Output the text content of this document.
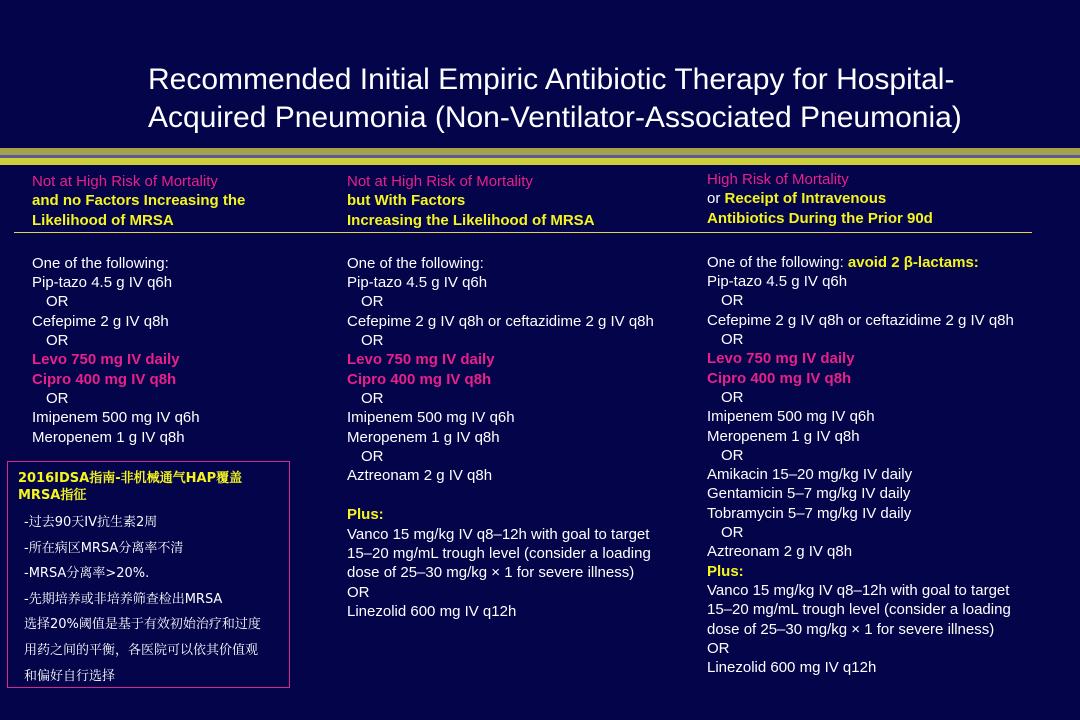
Recommended Initial Empiric Antibiotic Therapy for Hospital-
Acquired Pneumonia (Non-Ventilator-Associated Pneumonia)
Not at High Risk of Mortality
and no Factors Increasing the
Likelihood of MRSA
One of the following:
Pip-tazo 4.5 g IV q6h
OR
Cefepime 2 g IV q8h
OR
Levo 750 mg IV daily
Cipro 400 mg IV q8h
OR
Imipenem 500 mg IV q6h
Meropenem 1 g IV q8h
Not at High Risk of Mortality
but With Factors
Increasing the Likelihood of MRSA
One of the following:
Pip-tazo 4.5 g IV q6h
OR
Cefepime 2 g IV q8h or ceftazidime 2 g IV q8h
OR
Levo 750 mg IV daily
Cipro 400 mg IV q8h
OR
Imipenem 500 mg IV q6h
Meropenem 1 g IV q8h
OR
Aztreonam 2 g IV q8h
Plus:
Vanco 15 mg/kg IV q8–12h with goal to target
15–20 mg/mL trough level (consider a loading
dose of 25–30 mg/kg × 1 for severe illness)
OR
Linezolid 600 mg IV q12h
High Risk of Mortality
or Receipt of Intravenous
Antibiotics During the Prior 90d
One of the following: avoid 2 β-lactams:
Pip-tazo 4.5 g IV q6h
OR
Cefepime 2 g IV q8h or ceftazidime 2 g IV q8h
OR
Levo 750 mg IV daily
Cipro 400 mg IV q8h
OR
Imipenem 500 mg IV q6h
Meropenem 1 g IV q8h
OR
Amikacin 15–20 mg/kg IV daily
Gentamicin 5–7 mg/kg IV daily
Tobramycin 5–7 mg/kg IV daily
OR
Aztreonam 2 g IV q8h
Plus:
Vanco 15 mg/kg IV q8–12h with goal to target
15–20 mg/mL trough level (consider a loading
dose of 25–30 mg/kg × 1 for severe illness)
OR
Linezolid 600 mg IV q12h
2016IDSA指南-非机械通气HAP覆盖
MRSA指征
-过去90天IV抗生素2周
-所在病区MRSA分离率不清
-MRSA分离率>20%.
-先期培养或非培养筛查检出MRSA
选择20%阈值是基于有效初始治疗和过度
用药之间的平衡，各医院可以依其价值观
和偏好自行选择
